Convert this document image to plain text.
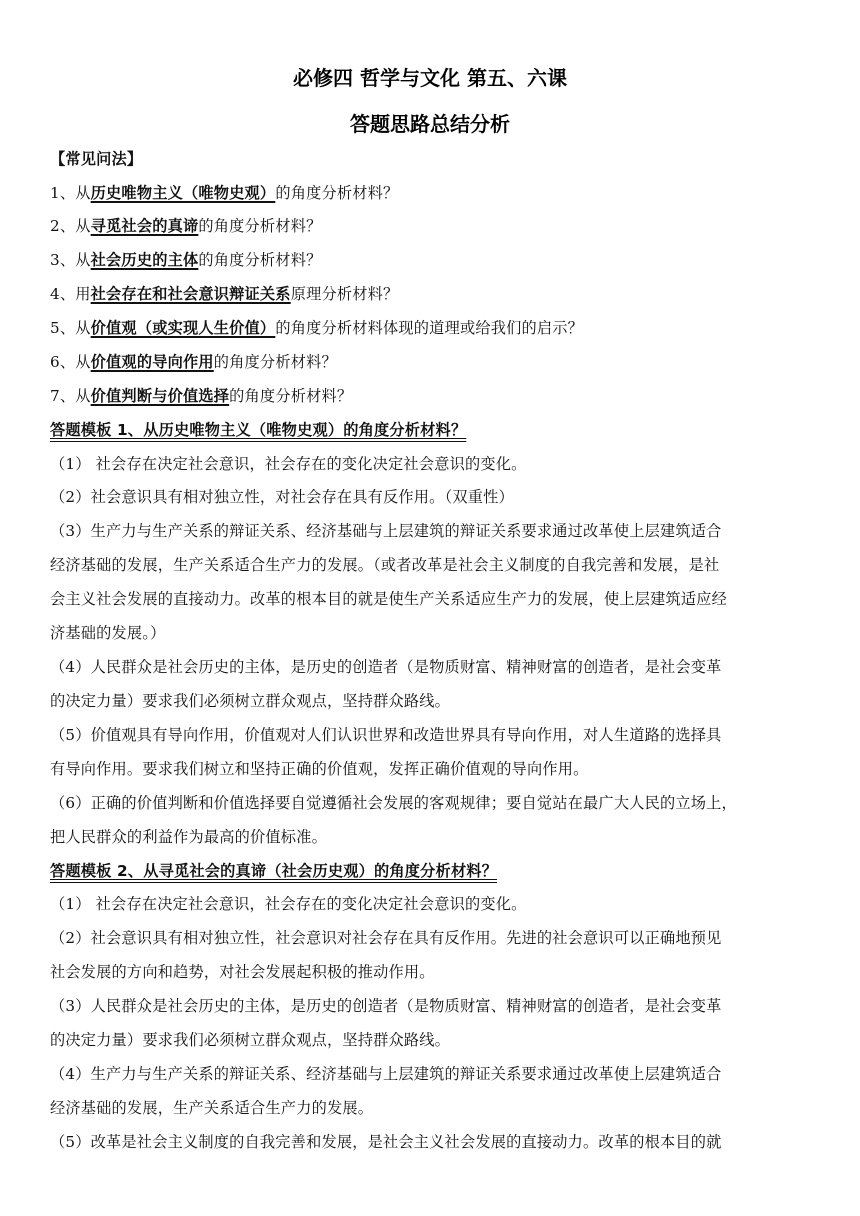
必修四 哲学与文化 第五、六课
答题思路总结分析
【常见问法】
1、从历史唯物主义（唯物史观）的角度分析材料？
2、从寻觅社会的真谛的角度分析材料？
3、从社会历史的主体的角度分析材料？
4、用社会存在和社会意识辩证关系原理分析材料？
5、从价值观（或实现人生价值）的角度分析材料体现的道理或给我们的启示？
6、从价值观的导向作用的角度分析材料？
7、从价值判断与价值选择的角度分析材料？
答题模板 1、从历史唯物主义（唯物史观）的角度分析材料？
（1） 社会存在决定社会意识，社会存在的变化决定社会意识的变化。
（2）社会意识具有相对独立性，对社会存在具有反作用。（双重性）
（3）生产力与生产关系的辩证关系、经济基础与上层建筑的辩证关系要求通过改革使上层建筑适合
经济基础的发展，生产关系适合生产力的发展。（或者改革是社会主义制度的自我完善和发展，是社
会主义社会发展的直接动力。改革的根本目的就是使生产关系适应生产力的发展，使上层建筑适应经
济基础的发展。）
（4）人民群众是社会历史的主体，是历史的创造者（是物质财富、精神财富的创造者，是社会变革
的决定力量）要求我们必须树立群众观点，坚持群众路线。
（5）价值观具有导向作用，价值观对人们认识世界和改造世界具有导向作用，对人生道路的选择具
有导向作用。要求我们树立和坚持正确的价值观，发挥正确价值观的导向作用。
（6）正确的价值判断和价值选择要自觉遵循社会发展的客观规律；要自觉站在最广大人民的立场上，
把人民群众的利益作为最高的价值标准。
答题模板 2、从寻觅社会的真谛（社会历史观）的角度分析材料？
（1） 社会存在决定社会意识，社会存在的变化决定社会意识的变化。
（2）社会意识具有相对独立性，社会意识对社会存在具有反作用。先进的社会意识可以正确地预见
社会发展的方向和趋势，对社会发展起积极的推动作用。
（3）人民群众是社会历史的主体，是历史的创造者（是物质财富、精神财富的创造者，是社会变革
的决定力量）要求我们必须树立群众观点，坚持群众路线。
（4）生产力与生产关系的辩证关系、经济基础与上层建筑的辩证关系要求通过改革使上层建筑适合
经济基础的发展，生产关系适合生产力的发展。
（5）改革是社会主义制度的自我完善和发展，是社会主义社会发展的直接动力。改革的根本目的就
